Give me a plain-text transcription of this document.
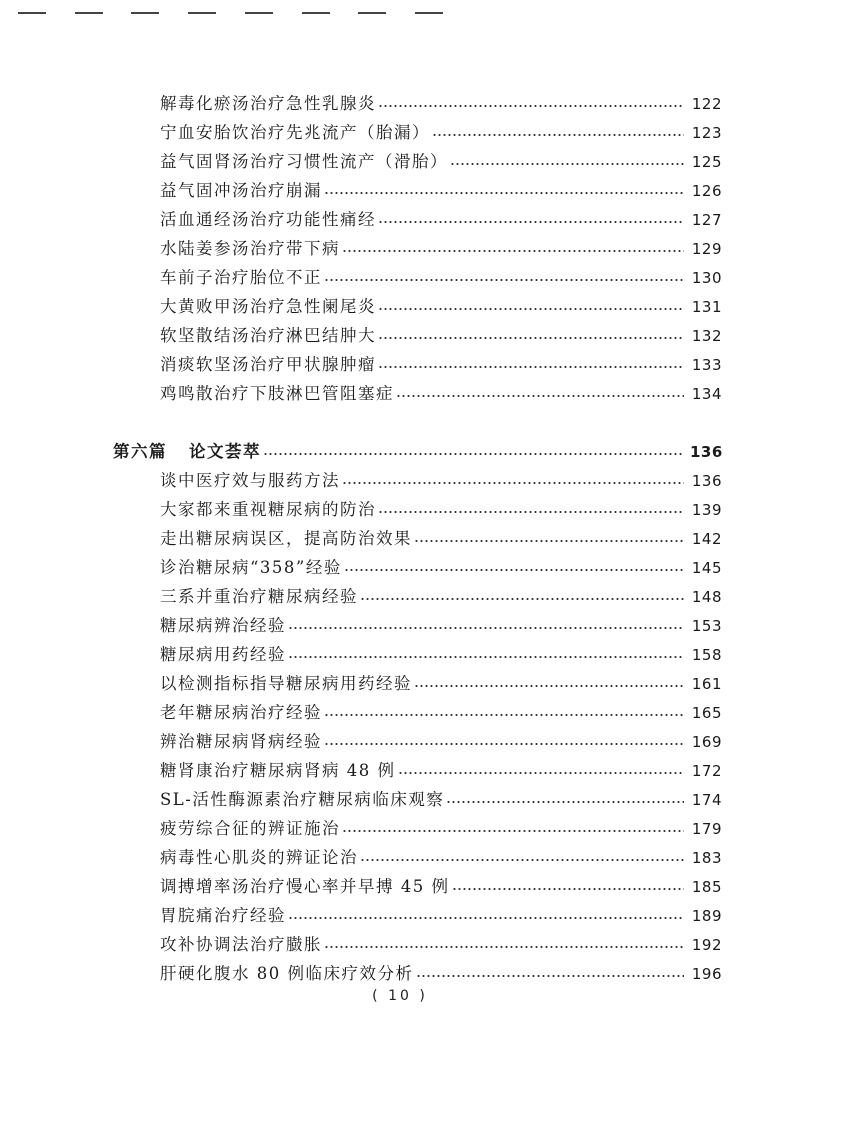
解毒化瘀汤治疗急性乳腺炎	122
宁血安胎饮治疗先兆流产（胎漏）	123
益气固肾汤治疗习惯性流产（滑胎）	125
益气固冲汤治疗崩漏	126
活血通经汤治疗功能性痛经	127
水陆姜参汤治疗带下病	129
车前子治疗胎位不正	130
大黄败甲汤治疗急性阑尾炎	131
软坚散结汤治疗淋巴结肿大	132
消痰软坚汤治疗甲状腺肿瘤	133
鸡鸣散治疗下肢淋巴管阻塞症	134
第六篇 论文荟萃	136
谈中医疗效与服药方法	136
大家都来重视糖尿病的防治	139
走出糖尿病误区，提高防治效果	142
诊治糖尿病“358”经验	145
三系并重治疗糖尿病经验	148
糖尿病辨治经验	153
糖尿病用药经验	158
以检测指标指导糖尿病用药经验	161
老年糖尿病治疗经验	165
辨治糖尿病肾病经验	169
糖肾康治疗糖尿病肾病 48 例	172
SL-活性酶源素治疗糖尿病临床观察	174
疲劳综合征的辨证施治	179
病毒性心肌炎的辨证论治	183
调搏增率汤治疗慢心率并早搏 45 例	185
胃脘痛治疗经验	189
攻补协调法治疗臌胀	192
肝硬化腹水 80 例临床疗效分析	196
( 10 )
